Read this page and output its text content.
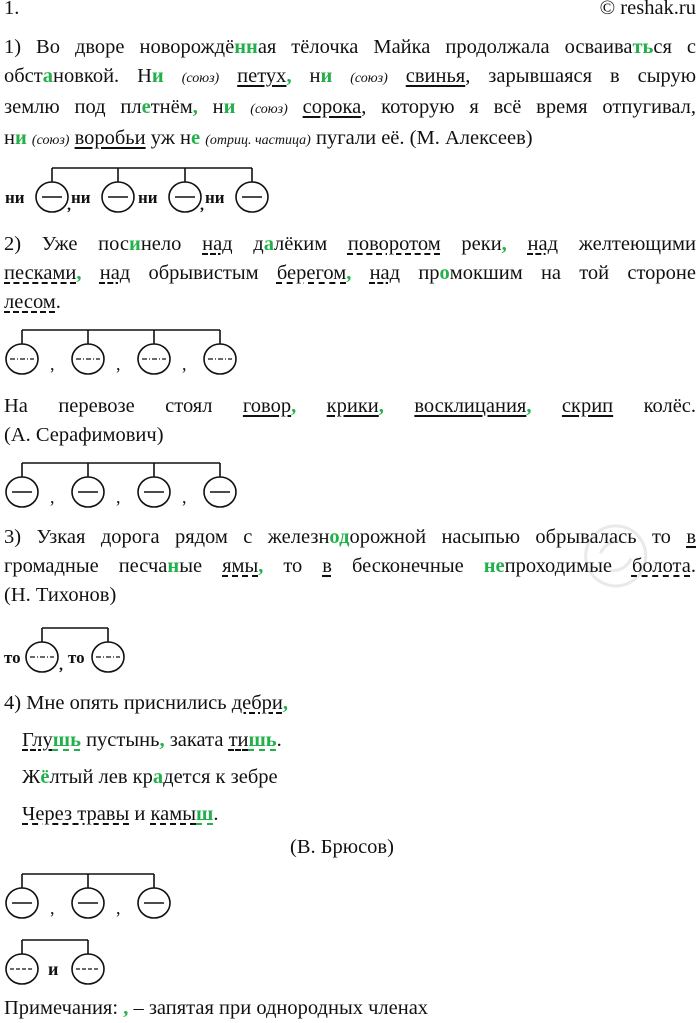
1.	© reshak.ru
1) Во дворе новорождённая тёлочка Майка продолжала осваиваться с
обстановкой. Ни (союз) петух, ни (союз) свинья, зарывшаяся в сырую
землю под плетнём, ни (союз) сорока, которую я всё время отпугивал,
ни (союз) воробьи уж не (отриц. частица) пугали её. (М. Алексеев)
ни	ни	ни	ни
,	,
2) Уже посинело над далёким поворотом реки, над желтеющими
песками, над обрывистым берегом, над промокшим на той стороне
лесом.
,	,	,
На перевозе стоял говор, крики, восклицания, скрип колёс.
(А. Серафимович)
,	,	,
3) Узкая дорога рядом с железнодорожной насыпью обрывалась то в
громадные песчаные ямы, то в бесконечные непроходимые болота.
(Н. Тихонов)
то	то
,
4) Мне опять приснились дебри,
Глушь пустынь, заката тишь.
Жёлтый лев крадется к зебре
Через травы и камыш.
(В. Брюсов)
,	,
и
Примечания: , – запятая при однородных членах
